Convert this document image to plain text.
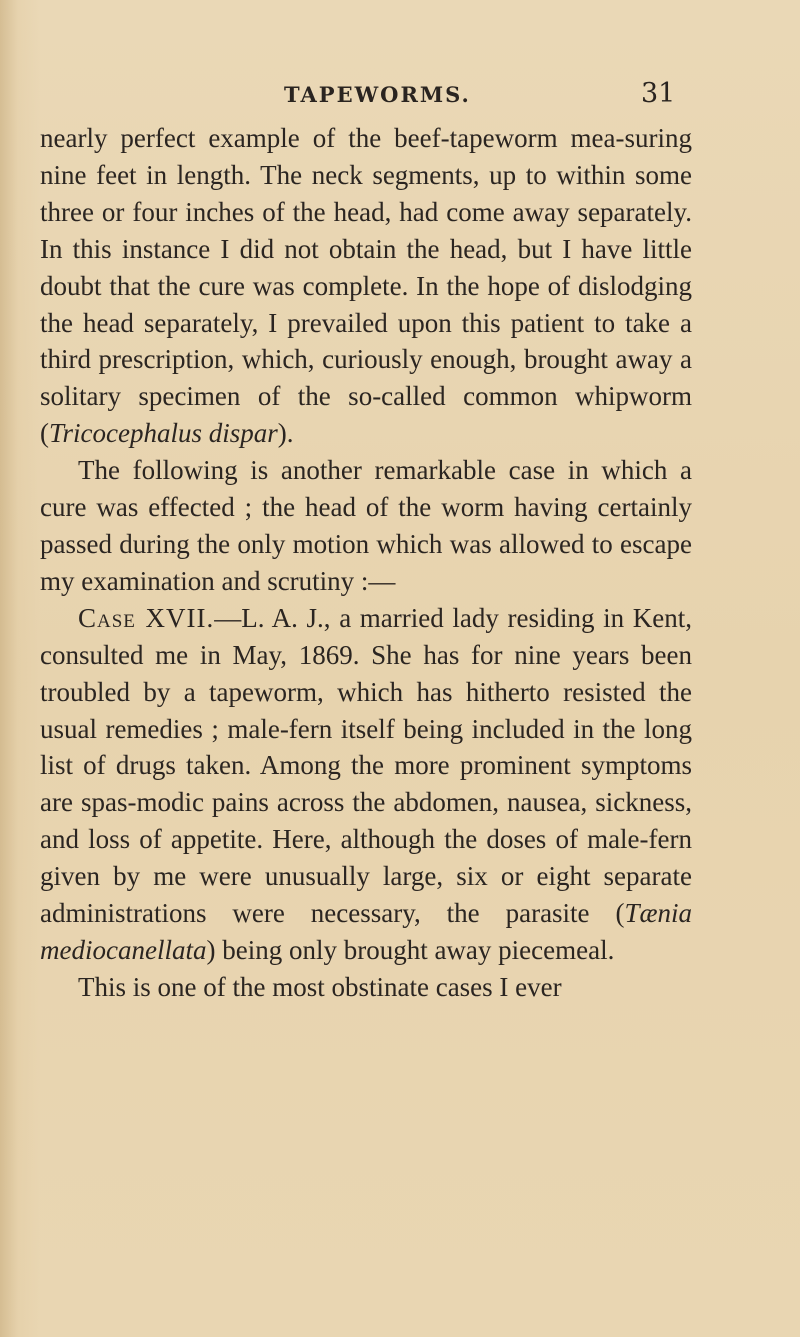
TAPEWORMS.	31

nearly perfect example of the beef-tapeworm mea-suring nine feet in length. The neck segments, up to within some three or four inches of the head, had come away separately. In this instance I did not obtain the head, but I have little doubt that the cure was complete. In the hope of dislodging the head separately, I prevailed upon this patient to take a third prescription, which, curiously enough, brought away a solitary specimen of the so-called common whipworm (Tricocephalus dispar).

The following is another remarkable case in which a cure was effected ; the head of the worm having certainly passed during the only motion which was allowed to escape my examination and scrutiny :—

Case XVII.—L. A. J., a married lady residing in Kent, consulted me in May, 1869. She has for nine years been troubled by a tapeworm, which has hitherto resisted the usual remedies ; male-fern itself being included in the long list of drugs taken. Among the more prominent symptoms are spas-modic pains across the abdomen, nausea, sickness, and loss of appetite. Here, although the doses of male-fern given by me were unusually large, six or eight separate administrations were necessary, the parasite (Tænia mediocanellata) being only brought away piecemeal.

This is one of the most obstinate cases I ever
